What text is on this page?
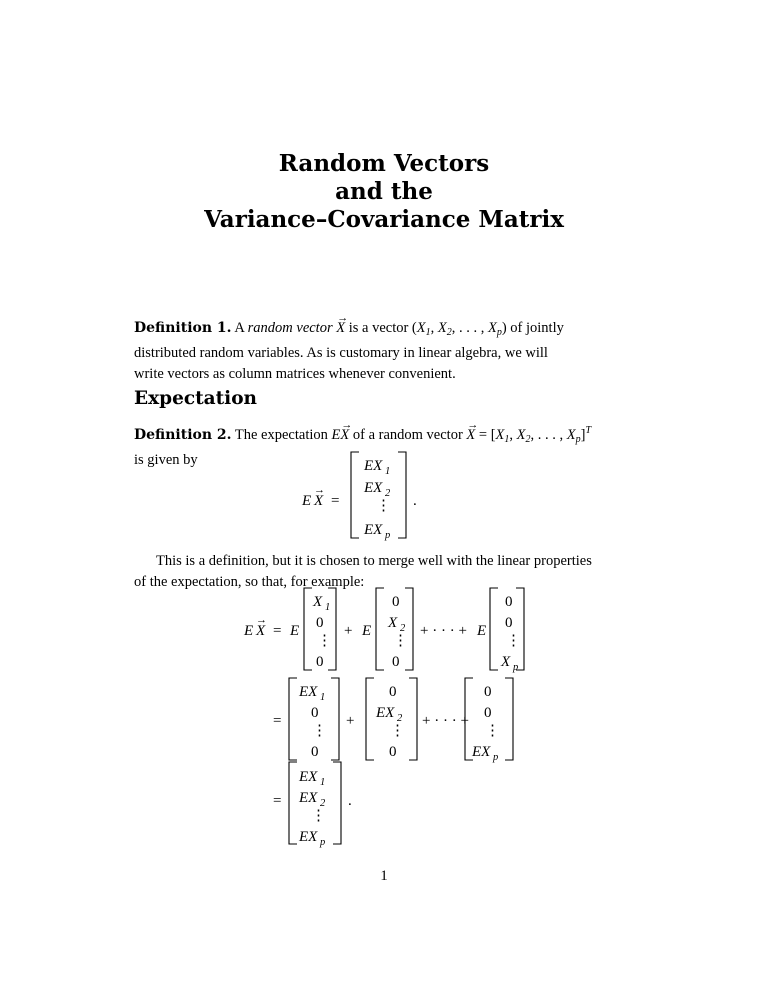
Random Vectors
and the
Variance–Covariance Matrix
Definition 1. A random vector → X is a vector ($X_1$, $X_2$, . . . , $X_p$) of jointly
distributed random variables. As is customary in linear algebra, we will
write vectors as column matrices whenever convenient.
Expectation
Definition 2. The expectation E→ X of a random vector → $X = [X_1$, $X_2$, . . . , $X_p]^T$
is given by
This is a definition, but it is chosen to merge well with the linear properties
of the expectation, so that, for example:
E X
→
=
EX 1
EX 2
⋮
EX p
.
E X
→
= E
X 1
0
⋮
0
+ E
0
X 2
⋮
0
+ · · · + E
0
0
⋮
X p
=
EX 1
0
⋮
0
+
0
EX 2
⋮
0
+ · · · +
0
0
⋮
EX p
=
EX 1
EX 2
⋮
EX p
.
1
